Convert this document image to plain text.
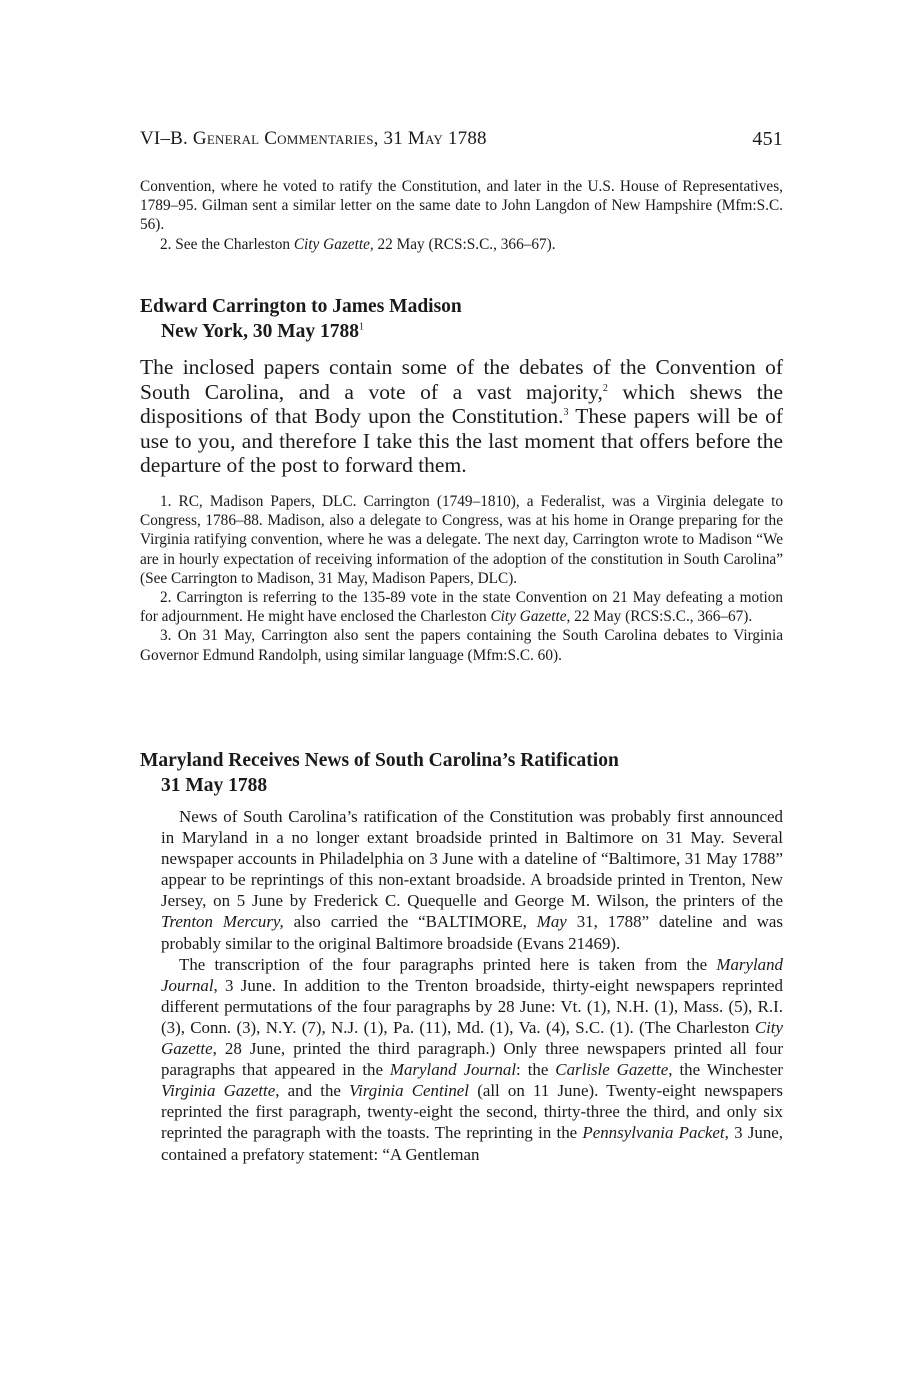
VI–B. General Commentaries, 31 May 1788	451

Convention, where he voted to ratify the Constitution, and later in the U.S. House of Representatives, 1789–95. Gilman sent a similar letter on the same date to John Langdon of New Hampshire (Mfm:S.C. 56).

2. See the Charleston City Gazette, 22 May (RCS:S.C., 366–67).

Edward Carrington to James Madison

New York, 30 May 1788$^1$

The inclosed papers contain some of the debates of the Convention of South Carolina, and a vote of a vast majority,$^2$ which shews the dispositions of that Body upon the Constitution.$^3$ These papers will be of use to you, and therefore I take this the last moment that offers before the departure of the post to forward them.

1. RC, Madison Papers, DLC. Carrington (1749–1810), a Federalist, was a Virginia delegate to Congress, 1786–88. Madison, also a delegate to Congress, was at his home in Orange preparing for the Virginia ratifying convention, where he was a delegate. The next day, Carrington wrote to Madison “We are in hourly expectation of receiving information of the adoption of the constitution in South Carolina” (See Carrington to Madison, 31 May, Madison Papers, DLC).

2. Carrington is referring to the 135-89 vote in the state Convention on 21 May defeating a motion for adjournment. He might have enclosed the Charleston City Gazette, 22 May (RCS:S.C., 366–67).

3. On 31 May, Carrington also sent the papers containing the South Carolina debates to Virginia Governor Edmund Randolph, using similar language (Mfm:S.C. 60).

Maryland Receives News of South Carolina’s Ratification

31 May 1788

News of South Carolina’s ratification of the Constitution was probably first announced in Maryland in a no longer extant broadside printed in Baltimore on 31 May. Several newspaper accounts in Philadelphia on 3 June with a dateline of “Baltimore, 31 May 1788” appear to be reprintings of this non-extant broadside. A broadside printed in Trenton, New Jersey, on 5 June by Frederick C. Quequelle and George M. Wilson, the printers of the Trenton Mercury, also carried the “BALTIMORE, May 31, 1788” dateline and was probably similar to the original Baltimore broadside (Evans 21469).

The transcription of the four paragraphs printed here is taken from the Maryland Journal, 3 June. In addition to the Trenton broadside, thirty-eight newspapers reprinted different permutations of the four paragraphs by 28 June: Vt. (1), N.H. (1), Mass. (5), R.I. (3), Conn. (3), N.Y. (7), N.J. (1), Pa. (11), Md. (1), Va. (4), S.C. (1). (The Charleston City Gazette, 28 June, printed the third paragraph.) Only three newspapers printed all four paragraphs that appeared in the Maryland Journal: the Carlisle Gazette, the Winchester Virginia Gazette, and the Virginia Centinel (all on 11 June). Twenty-eight newspapers reprinted the first paragraph, twenty-eight the second, thirty-three the third, and only six reprinted the paragraph with the toasts. The reprinting in the Pennsylvania Packet, 3 June, contained a prefatory statement: “A Gentleman
